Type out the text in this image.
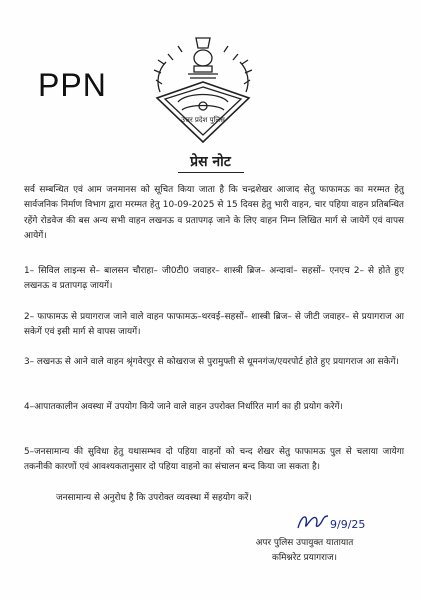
PPN
उत्तर प्रदेश पुलिस
प्रेस नोट

सर्व सम्बन्धित एवं आम जनमानस को सूचित किया जाता है कि चन्द्रशेखर आजाद सेतु फाफामऊ का मरम्मत हेतु सार्वजनिक निर्माण विभाग द्वारा मरम्मत हेतु 10-09-2025 से 15 दिवस हेतु भारी वाहन, चार पहिया वाहन प्रतिबन्धित रहेंगे रोडवेज की बस अन्य सभी वाहन लखनऊ व प्रतापगढ़ जाने के लिए वाहन निम्न लिखित मार्ग से जायेगें एवं वापस आयेगें।

1– सिविल लाइन्स से– बालसन चौराहा– जी0टी0 जवाहर– शास्त्री ब्रिज– अन्दावां– सहसों– एनएच 2– से होते हुए लखनऊ व प्रतापगढ़ जायगें।

2– फाफामऊ से प्रयागराज जाने वाले वाहन फाफामऊ–थरवई–सहसों– शास्त्री ब्रिज– से जीटी जवाहर– से प्रयागराज आ सकेगें एवं इसी मार्ग से वापस जायगें।

3– लखनऊ से आने वाले वाहन श्रृंगवेरपुर से कोखराज से पुरामुफ्ती से धूमनगंज/एयरपोर्ट होते हुए प्रयागराज आ सकेगें।

4–आपातकालीन अवस्था में उपयोग किये जाने वाले वाहन उपरोक्त निर्धारित मार्ग का ही प्रयोग करेगें।

5–जनसामान्य की सुविधा हेतु यथासम्भव दो पहिया वाहनों को चन्द शेखर सेतु फाफामऊ पुल से चलाया जायेगा तकनीकी कारणों एवं आवश्यकतानुसार दो पहिया वाहनो का संचालन बन्द किया जा सकता है।

जनसामान्य से अनुरोध है कि उपरोक्त व्यवस्था में सहयोग करें।

9/9/25
अपर पुलिस उपायुक्त यातायात
कमिश्नरेट प्रयागराज।
